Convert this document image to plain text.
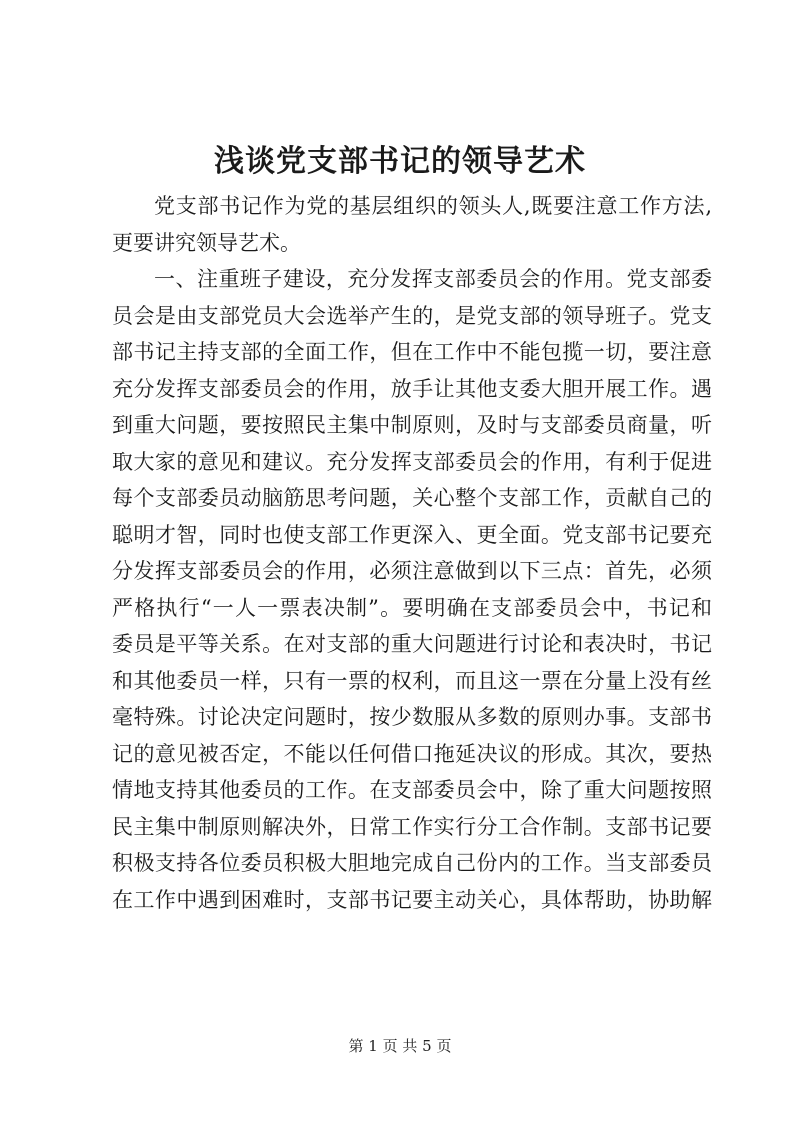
浅谈党支部书记的领导艺术
党支部书记作为党的基层组织的领头人,既要注意工作方法,
更要讲究领导艺术。
一、注重班子建设，充分发挥支部委员会的作用。党支部委
员会是由支部党员大会选举产生的，是党支部的领导班子。党支
部书记主持支部的全面工作，但在工作中不能包揽一切，要注意
充分发挥支部委员会的作用，放手让其他支委大胆开展工作。遇
到重大问题，要按照民主集中制原则，及时与支部委员商量，听
取大家的意见和建议。充分发挥支部委员会的作用，有利于促进
每个支部委员动脑筋思考问题，关心整个支部工作，贡献自己的
聪明才智，同时也使支部工作更深入、更全面。党支部书记要充
分发挥支部委员会的作用，必须注意做到以下三点：首先，必须
严格执行“一人一票表决制”。要明确在支部委员会中，书记和
委员是平等关系。在对支部的重大问题进行讨论和表决时，书记
和其他委员一样，只有一票的权利，而且这一票在分量上没有丝
毫特殊。讨论决定问题时，按少数服从多数的原则办事。支部书
记的意见被否定，不能以任何借口拖延决议的形成。其次，要热
情地支持其他委员的工作。在支部委员会中，除了重大问题按照
民主集中制原则解决外，日常工作实行分工合作制。支部书记要
积极支持各位委员积极大胆地完成自己份内的工作。当支部委员
在工作中遇到困难时，支部书记要主动关心，具体帮助，协助解
第 1 页 共 5 页
